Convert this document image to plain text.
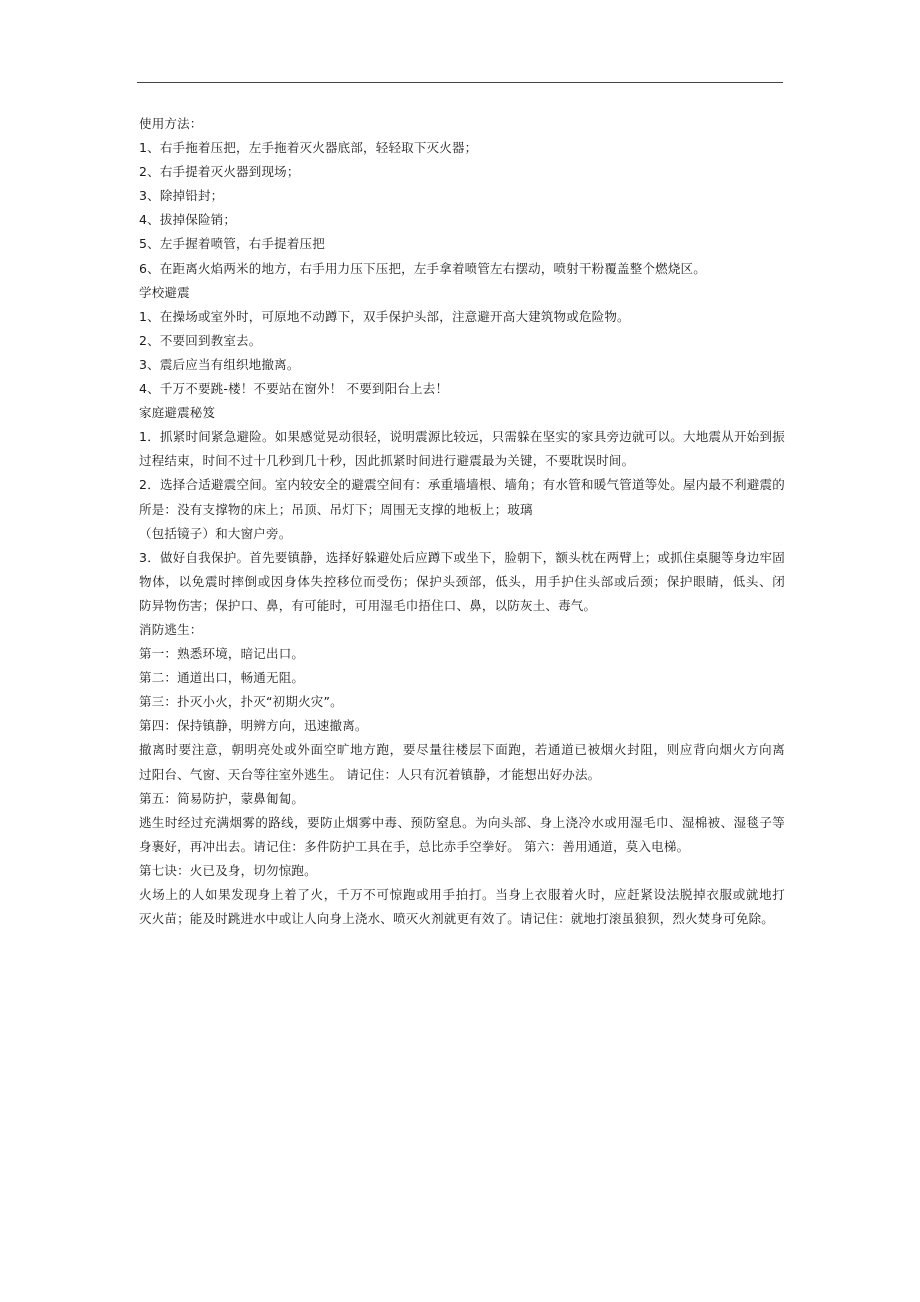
使用方法：
1、右手拖着压把，左手拖着灭火器底部，轻轻取下灭火器；
2、右手提着灭火器到现场；
3、除掉铅封；
4、拔掉保险销；
5、左手握着喷管，右手提着压把
6、在距离火焰两米的地方，右手用力压下压把，左手拿着喷管左右摆动，喷射干粉覆盖整个燃烧区。
学校避震
1、在操场或室外时，可原地不动蹲下，双手保护头部，注意避开高大建筑物或危险物。
2、不要回到教室去。
3、震后应当有组织地撤离。
4、千万不要跳-楼！不要站在窗外！ 不要到阳台上去！
家庭避震秘笈
1．抓紧时间紧急避险。如果感觉晃动很轻，说明震源比较远，只需躲在坚实的家具旁边就可以。大地震从开始到振
过程结束，时间不过十几秒到几十秒，因此抓紧时间进行避震最为关键，不要耽误时间。
2．选择合适避震空间。室内较安全的避震空间有：承重墙墙根、墙角；有水管和暖气管道等处。屋内最不利避震的
所是：没有支撑物的床上；吊顶、吊灯下；周围无支撑的地板上；玻璃
（包括镜子）和大窗户旁。
3．做好自我保护。首先要镇静，选择好躲避处后应蹲下或坐下，脸朝下，额头枕在两臂上；或抓住桌腿等身边牢固
物体，以免震时摔倒或因身体失控移位而受伤；保护头颈部，低头，用手护住头部或后颈；保护眼睛，低头、闭
防异物伤害；保护口、鼻，有可能时，可用湿毛巾捂住口、鼻，以防灰土、毒气。
消防逃生：
第一：熟悉环境，暗记出口。
第二：通道出口，畅通无阻。
第三：扑灭小火，扑灭“初期火灾”。
第四：保持镇静，明辨方向，迅速撤离。
撤离时要注意，朝明亮处或外面空旷地方跑，要尽量往楼层下面跑，若通道已被烟火封阻，则应背向烟火方向离
过阳台、气窗、天台等往室外逃生。 请记住：人只有沉着镇静，才能想出好办法。
第五：简易防护，蒙鼻匍匐。
逃生时经过充满烟雾的路线，要防止烟雾中毒、预防窒息。为向头部、身上浇冷水或用湿毛巾、湿棉被、湿毯子等
身裹好，再冲出去。请记住：多件防护工具在手，总比赤手空拳好。 第六：善用通道，莫入电梯。
第七诀：火已及身，切勿惊跑。
火场上的人如果发现身上着了火，千万不可惊跑或用手拍打。当身上衣服着火时，应赶紧设法脱掉衣服或就地打
灭火苗；能及时跳进水中或让人向身上浇水、喷灭火剂就更有效了。请记住：就地打滚虽狼狈，烈火焚身可免除。
